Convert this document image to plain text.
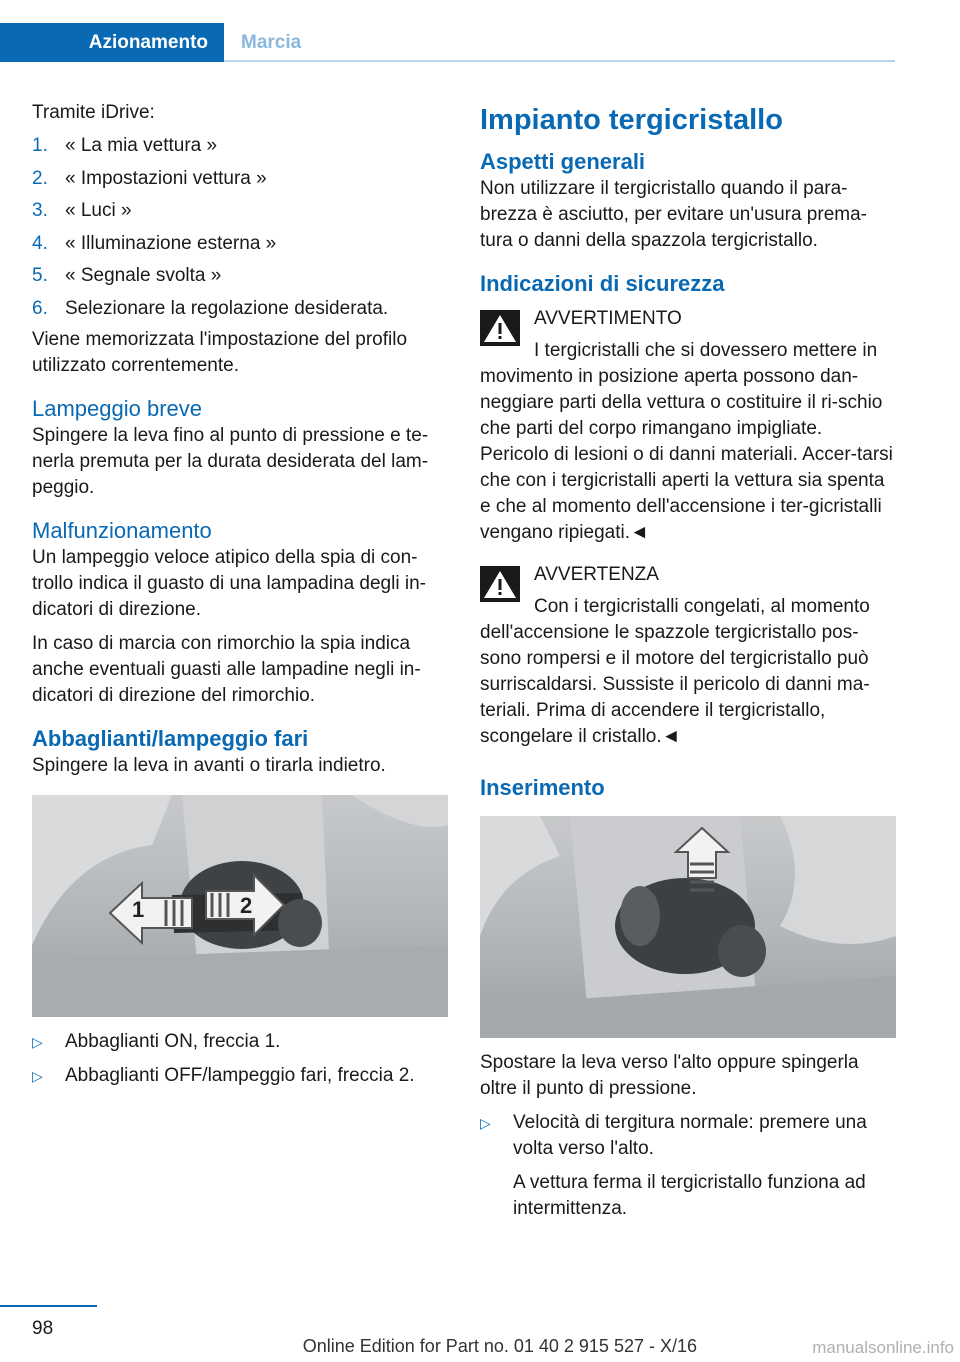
Azionamento	Marcia

Tramite iDrive:

1. « La mia vettura »
2. « Impostazioni vettura »
3. « Luci »
4. « Illuminazione esterna »
5. « Segnale svolta »
6. Selezionare la regolazione desiderata.

Viene memorizzata l'impostazione del profilo utilizzato correntemente.

Lampeggio breve

Spingere la leva fino al punto di pressione e te-nerla premuta per la durata desiderata del lam-peggio.

Malfunzionamento

Un lampeggio veloce atipico della spia di con-trollo indica il guasto di una lampadina degli in-dicatori di direzione.

In caso di marcia con rimorchio la spia indica anche eventuali guasti alle lampadine negli in-dicatori di direzione del rimorchio.

Abbaglianti/lampeggio fari

Spingere la leva in avanti o tirarla indietro.

1	2
▷	Abbaglianti ON, freccia 1.
▷	Abbaglianti OFF/lampeggio fari, freccia 2.
Impianto tergicristallo
Aspetti generali

Non utilizzare il tergicristallo quando il para-brezza è asciutto, per evitare un'usura prema-tura o danni della spazzola tergicristallo.

Indicazioni di sicurezza
AVVERTIMENTO
I tergicristalli che si dovessero mettere in movimento in posizione aperta possono dan-neggiare parti della vettura o costituire il ri-schio che parti del corpo rimangano impigliate. Pericolo di lesioni o di danni materiali. Accer-tarsi che con i tergicristalli aperti la vettura sia spenta e che al momento dell'accensione i ter-gicristalli vengano ripiegati.◄
AVVERTENZA
Con i tergicristalli congelati, al momento dell'accensione le spazzole tergicristallo pos-sono rompersi e il motore del tergicristallo può surriscaldarsi. Sussiste il pericolo di danni ma-teriali. Prima di accendere il tergicristallo, scongelare il cristallo.◄
Inserimento

Spostare la leva verso l'alto oppure spingerla oltre il punto di pressione.

▷	Velocità di tergitura normale: premere una volta verso l'alto.
A vettura ferma il tergicristallo funziona ad intermittenza.
98
Online Edition for Part no. 01 40 2 915 527 - X/16	manualsonline.info
